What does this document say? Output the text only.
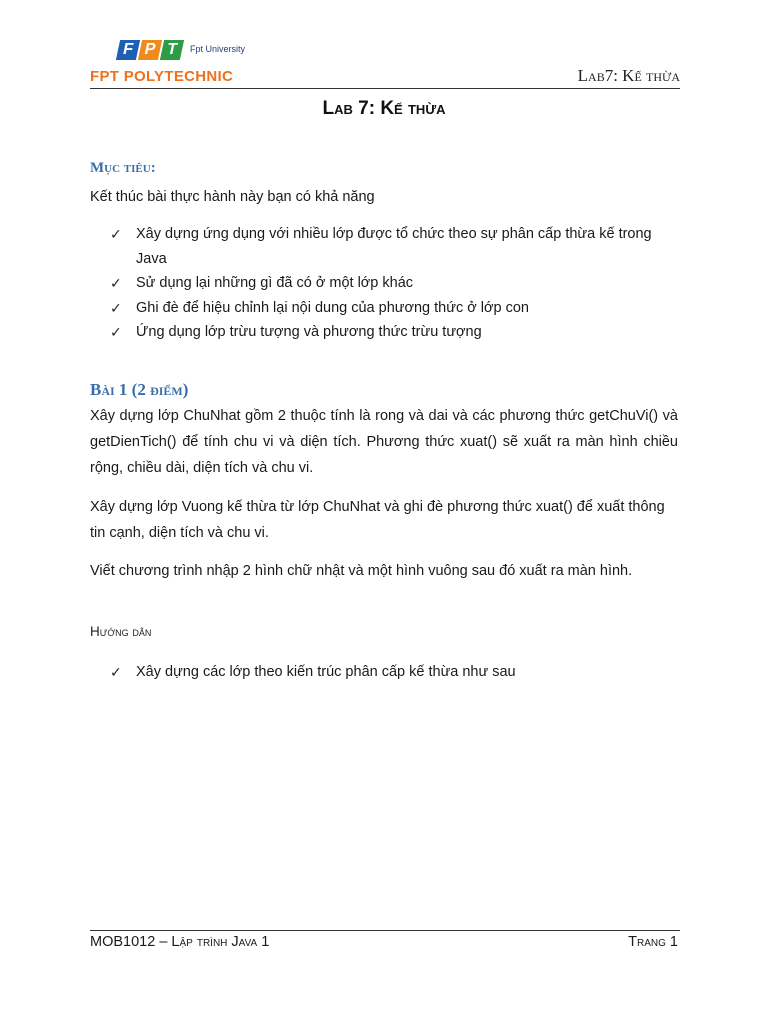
F P T	Fpt University
FPT POLYTECHNIC	Lab7: Kế thừa
Lab 7: Kế thừa
Mục tiêu:
Kết thúc bài thực hành này bạn có khả năng
✓ Xây dựng ứng dụng với nhiều lớp được tổ chức theo sự phân cấp thừa kế trong Java
✓ Sử dụng lại những gì đã có ở một lớp khác
✓ Ghi đè để hiệu chỉnh lại nội dung của phương thức ở lớp con
✓ Ứng dụng lớp trừu tượng và phương thức trừu tượng
Bài 1 (2 điểm)
Xây dựng lớp ChuNhat gồm 2 thuộc tính là rong và dai và các phương thức getChuVi() và getDienTich() để tính chu vi và diện tích. Phương thức xuat() sẽ xuất ra màn hình chiều rộng, chiều dài, diện tích và chu vi.
Xây dựng lớp Vuong kế thừa từ lớp ChuNhat và ghi đè phương thức xuat() để xuất thông tin cạnh, diện tích và chu vi.
Viết chương trình nhập 2 hình chữ nhật và một hình vuông sau đó xuất ra màn hình.
Hướng dẫn
✓ Xây dựng các lớp theo kiến trúc phân cấp kế thừa như sau
MOB1012 – Lập trình Java 1	Trang 1
